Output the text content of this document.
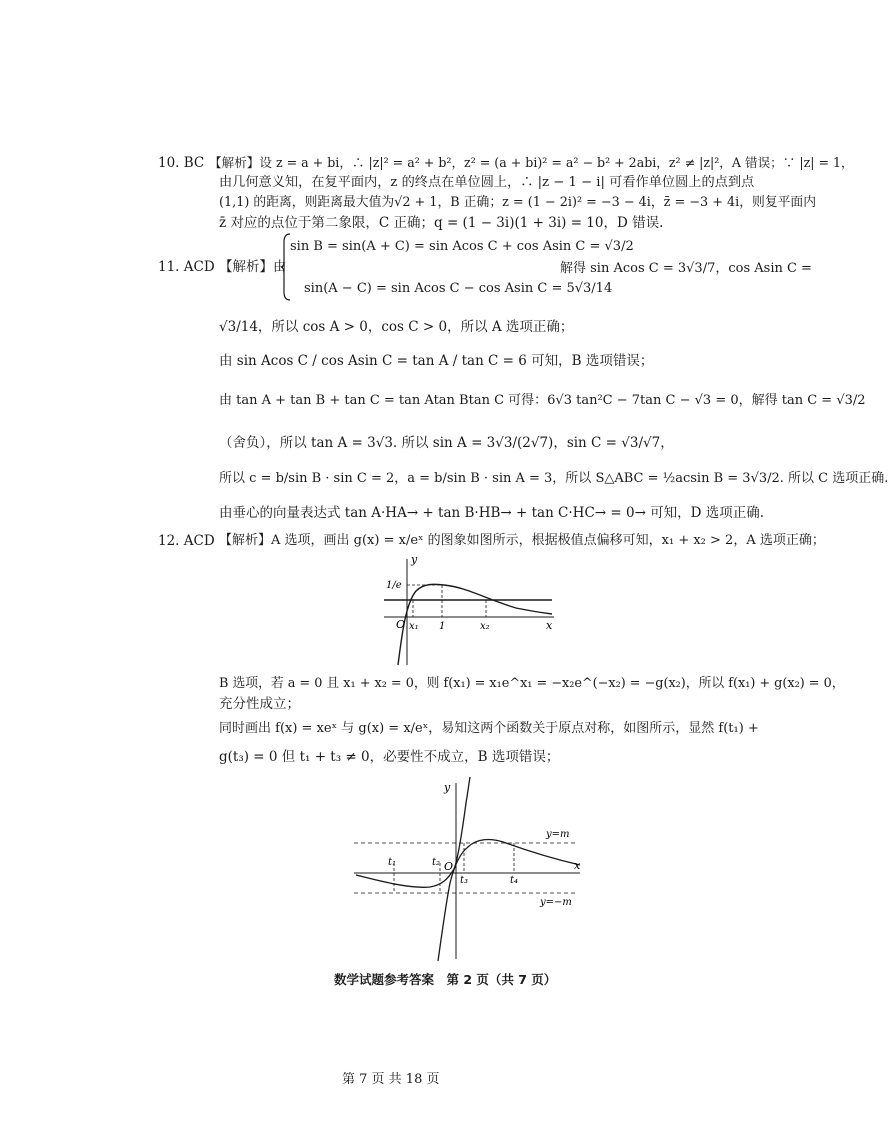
10. BC 【解析】设 z = a + bi，∴ |z|² = a² + b²，z² = (a + bi)² = a² − b² + 2abi，z² ≠ |z|²，A 错误；∵ |z| = 1，
由几何意义知，在复平面内，z 的终点在单位圆上，∴ |z − 1 − i| 可看作单位圆上的点到点
(1,1) 的距离，则距离最大值为√2 + 1，B 正确；z = (1 − 2i)² = −3 − 4i，z̄ = −3 + 4i，则复平面内
z̄ 对应的点位于第二象限，C 正确；q = (1 − 3i)(1 + 3i) = 10，D 错误.
11. ACD 【解析】由
sin B = sin(A + C) = sin Acos C + cos Asin C = √3/2
sin(A − C) = sin Acos C − cos Asin C = 5√3/14
解得 sin Acos C = 3√3/7，cos Asin C =
√3/14，所以 cos A > 0，cos C > 0，所以 A 选项正确；
由 sin Acos C / cos Asin C = tan A / tan C = 6 可知，B 选项错误；
由 tan A + tan B + tan C = tan Atan Btan C 可得：6√3 tan²C − 7tan C − √3 = 0，解得 tan C = √3/2
（舍负），所以 tan A = 3√3. 所以 sin A = 3√3/(2√7)，sin C = √3/√7，
所以 c = b/sin B · sin C = 2，a = b/sin B · sin A = 3，所以 S△ABC = ½acsin B = 3√3/2. 所以 C 选项正确.
由垂心的向量表达式 tan A·HA→ + tan B·HB→ + tan C·HC→ = 0→ 可知，D 选项正确.
12. ACD 【解析】A 选项，画出 g(x) = x/eˣ 的图象如图所示，根据极值点偏移可知，x₁ + x₂ > 2，A 选项正确；
y
x
O
1/e
x₁ 1	x₂
B 选项，若 a = 0 且 x₁ + x₂ = 0，则 f(x₁) = x₁e^x₁ = −x₂e^(−x₂) = −g(x₂)，所以 f(x₁) + g(x₂) = 0，
充分性成立；
同时画出 f(x) = xeˣ 与 g(x) = x/eˣ，易知这两个函数关于原点对称，如图所示，显然 f(t₁) +
g(t₃) = 0 但 t₁ + t₃ ≠ 0，必要性不成立，B 选项错误；
y
x
O
y=m
y=−m
t₁	t₂
t₃	t₄
数学试题参考答案　第 2 页（共 7 页）
第 7 页 共 18 页
